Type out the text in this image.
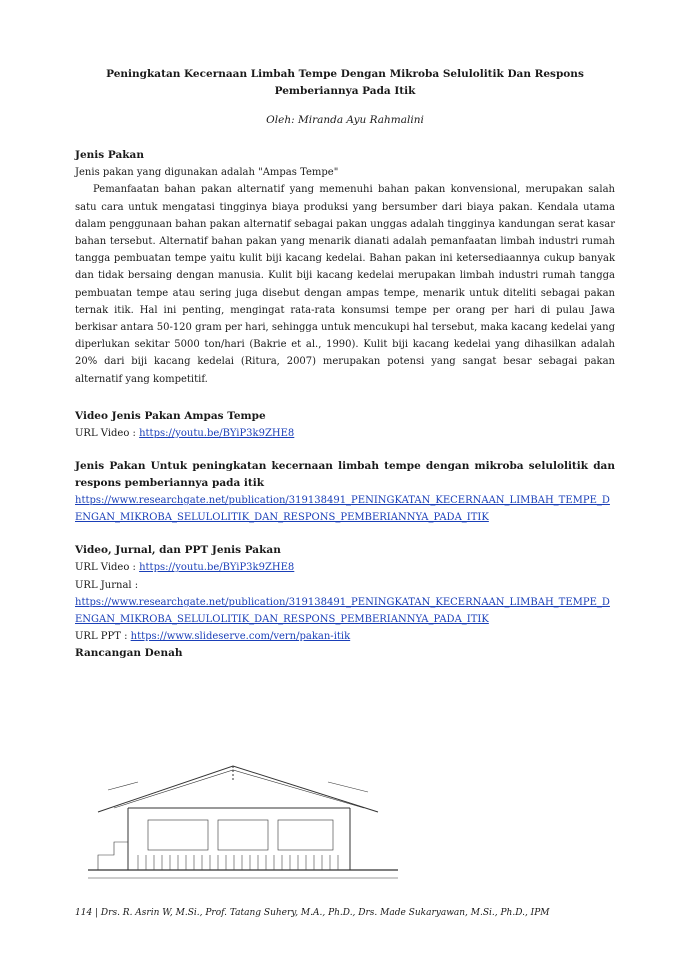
Peningkatan Kecernaan Limbah Tempe Dengan Mikroba Selulolitik Dan Respons Pemberiannya Pada Itik

Oleh: Miranda Ayu Rahmalini

Jenis Pakan

Jenis pakan yang digunakan adalah "Ampas Tempe"

Pemanfaatan bahan pakan alternatif yang memenuhi bahan pakan konvensional, merupakan salah satu cara untuk mengatasi tingginya biaya produksi yang bersumber dari biaya pakan. Kendala utama dalam penggunaan bahan pakan alternatif sebagai pakan unggas adalah tingginya kandungan serat kasar bahan tersebut. Alternatif bahan pakan yang menarik dianati adalah pemanfaatan limbah industri rumah tangga pembuatan tempe yaitu kulit biji kacang kedelai. Bahan pakan ini ketersediaannya cukup banyak dan tidak bersaing dengan manusia. Kulit biji kacang kedelai merupakan limbah industri rumah tangga pembuatan tempe atau sering juga disebut dengan ampas tempe, menarik untuk diteliti sebagai pakan ternak itik. Hal ini penting, mengingat rata-rata konsumsi tempe per orang per hari di pulau Jawa berkisar antara 50-120 gram per hari, sehingga untuk mencukupi hal tersebut, maka kacang kedelai yang diperlukan sekitar 5000 ton/hari (Bakrie et al., 1990). Kulit biji kacang kedelai yang dihasilkan adalah 20% dari biji kacang kedelai (Ritura, 2007) merupakan potensi yang sangat besar sebagai pakan alternatif yang kompetitif.

Video Jenis Pakan Ampas Tempe

URL Video : https://youtu.be/BYiP3k9ZHE8

Jenis Pakan Untuk peningkatan kecernaan limbah tempe dengan mikroba selulolitik dan respons pemberiannya pada itik

https://www.researchgate.net/publication/319138491_PENINGKATAN_KECERNAAN_LIMBAH_TEMPE_DENGAN_MIKROBA_SELULOLITIK_DAN_RESPONS_PEMBERIANNYA_PADA_ITIK

Video, Jurnal, dan PPT Jenis Pakan

URL Video : https://youtu.be/BYiP3k9ZHE8

URL Jurnal :

https://www.researchgate.net/publication/319138491_PENINGKATAN_KECERNAAN_LIMBAH_TEMPE_DENGAN_MIKROBA_SELULOLITIK_DAN_RESPONS_PEMBERIANNYA_PADA_ITIK

URL PPT : https://www.slideserve.com/vern/pakan-itik

Rancangan Denah
114 | Drs. R. Asrin W, M.Si., Prof. Tatang Suhery, M.A., Ph.D., Drs. Made Sukaryawan, M.Si., Ph.D., IPM
